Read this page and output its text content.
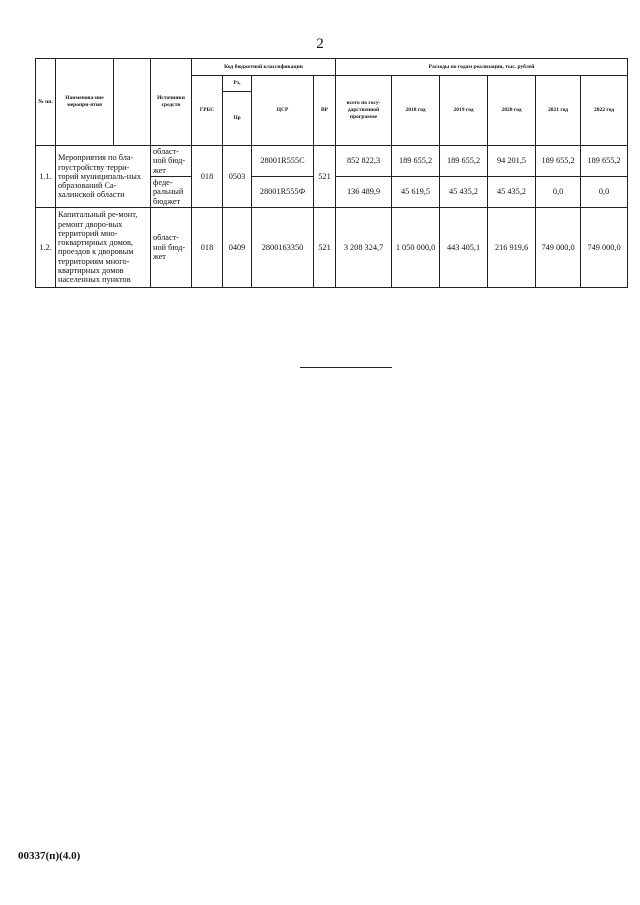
2
№ пп.	Наименова-ние меропри-ятия		Источники средств	Код бюджетной классификации				Расходы по годам реализации, тыс. рублей					
				ГРБС	Рз,	ЦСР	ВР	всего по госу-дарственной программе	2018 год	2019 год	2020 год	2021 год	2022 год
					Пр								
1.1.	Мероприятия по бла-гоустройству терри-торий муниципаль-ных образований Са-халинской области		област-ной бюд-жет	018	0503	28001R555С	521	852 822,3	189 655,2	189 655,2	94 201,5	189 655,2	189 655,2
			феде-ральный бюджет			28001R555Ф		136 489,9	45 619,5	45 435,2	45 435,2	0,0	0,0
1.2.	Капитальный ре-монт, ремонт дворо-вых территорий мно-гоквартирных домов, проездов к дворовым территориям много-квартирных домов населенных пунктов		област-ной бюд-жет	018	0409	2800163350	521	3 208 324,7	1 050 000,0	443 405,1	216 919,6	749 000,0	749 000,0
00337(п)(4.0)
